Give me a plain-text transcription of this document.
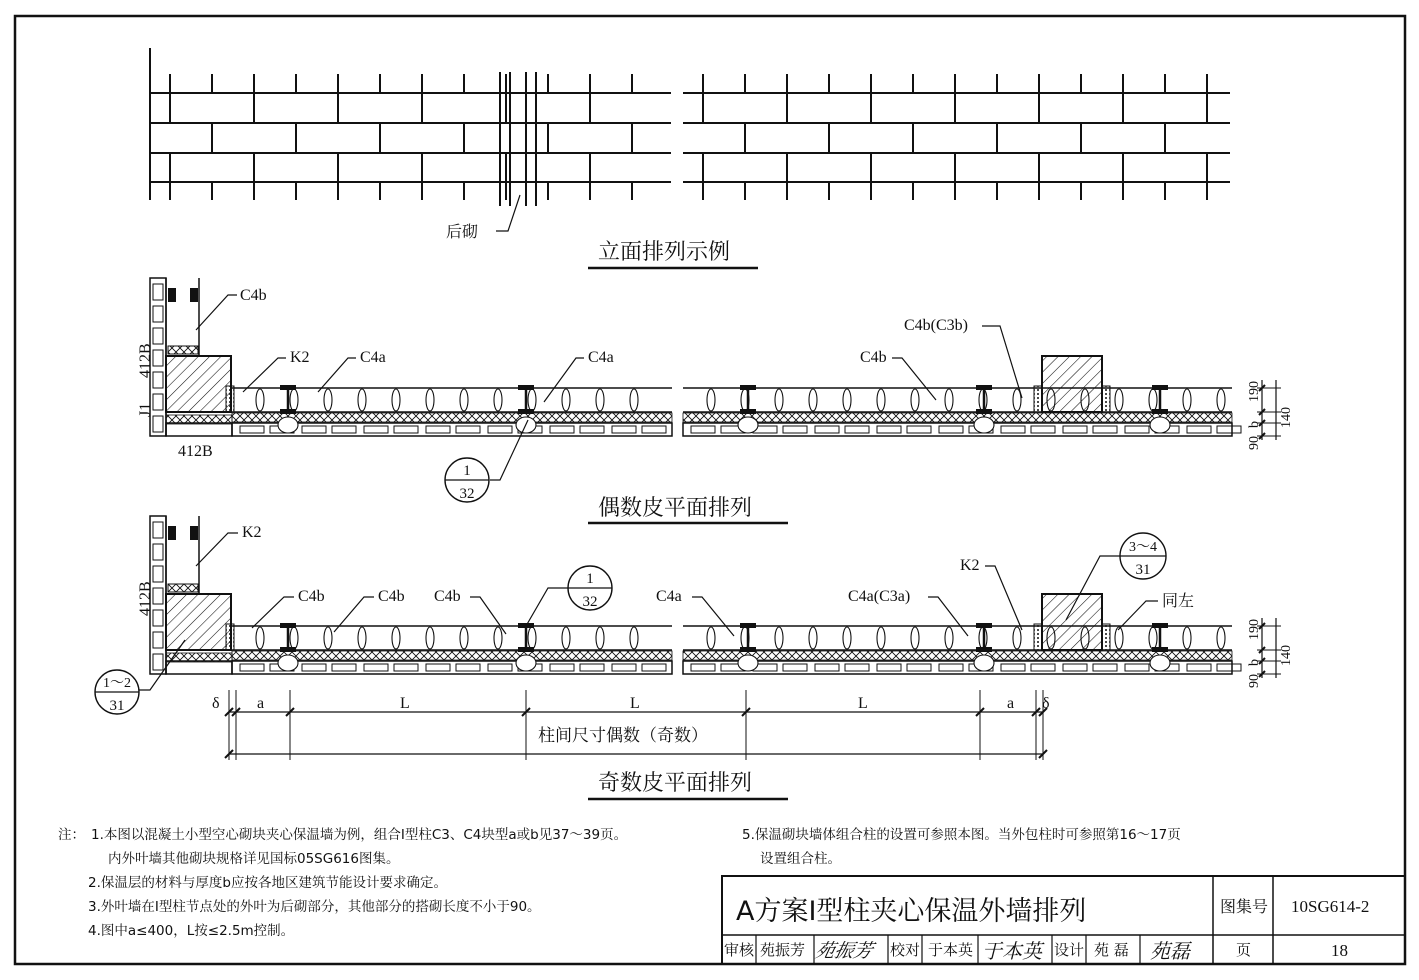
后砌
立面排列示例
C4b
K2	C4a	C4a
C4b(C3b)
C4b
412B
J1
412B
1
32
90
b
190
140
偶数皮平面排列
K2
C4b	C4b C4b	C4a	C4a(C3a)
K2
同左
412B
1
32
3～4
31
1～2
31
90
b
190
140
δ a	L	L	L	a δ
柱间尺寸偶数（奇数）
奇数皮平面排列
A方案Ⅰ型柱夹心保温外墙排列	图集号 10SG614-2
审核 苑振芳 苑振芳 校对 于本英 于本英 设计 苑 磊 苑磊	页	18
注： 1.本图以混凝土小型空心砌块夹心保温墙为例，组合Ⅰ型柱C3、C4块型a或b见37～39页。
内外叶墙其他砌块规格详见国标05SG616图集。
2.保温层的材料与厚度b应按各地区建筑节能设计要求确定。
3.外叶墙在Ⅰ型柱节点处的外叶为后砌部分，其他部分的搭砌长度不小于90。
4.图中a≤400，L按≤2.5m控制。
5.保温砌块墙体组合柱的设置可参照本图。当外包柱时可参照第16～17页
设置组合柱。
